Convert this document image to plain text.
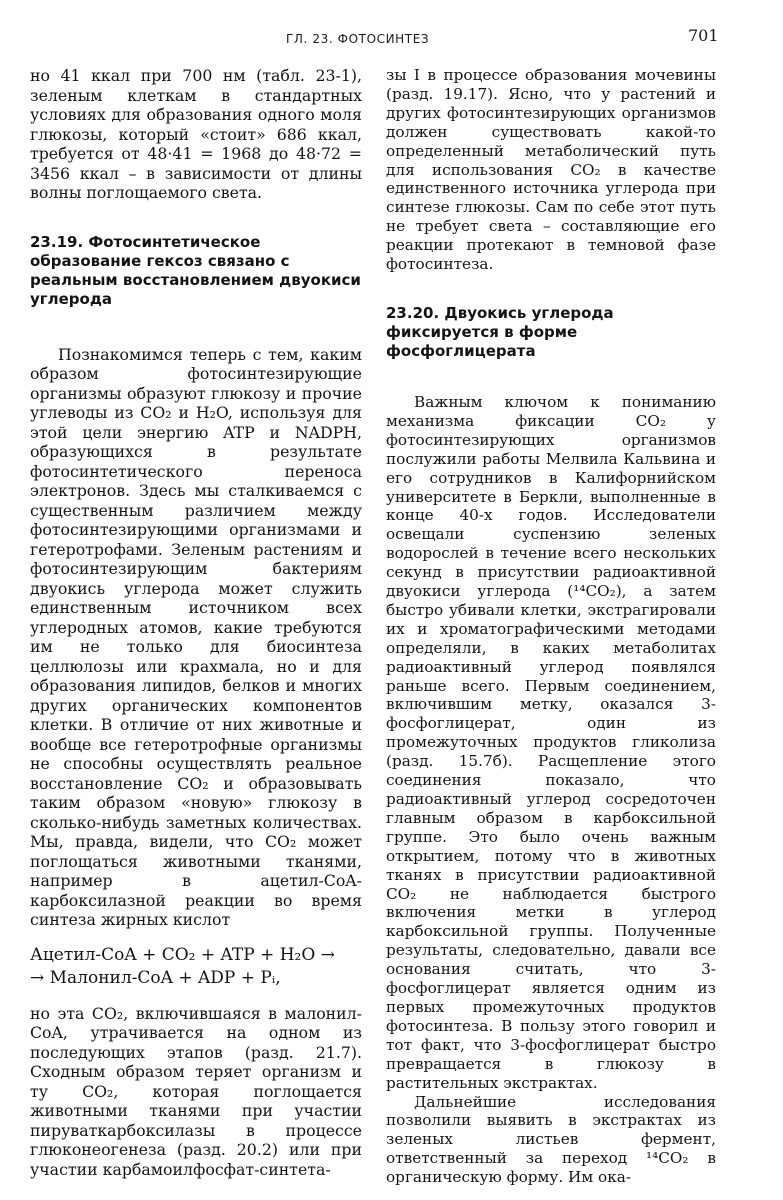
ГЛ. 23. ФОТОСИНТЕЗ	701

но 41 ккал при 700 нм (табл. 23-1), зеленым клеткам в стандартных условиях для образования одного моля глюкозы, который «стоит» 686 ккал, требуется от 48·41 = 1968 до 48·72 = 3456 ккал – в зависимости от длины волны поглощаемого света.

23.19. Фотосинтетическое образование гексоз связано с реальным восстановлением двуокиси углерода

Познакомимся теперь с тем, каким образом фотосинтезирующие организмы образуют глюкозу и прочие углеводы из CO₂ и H₂O, используя для этой цели энергию ATP и NADPH, образующихся в результате фотосинтетического переноса электронов. Здесь мы сталкиваемся с существенным различием между фотосинтезирующими организмами и гетеротрофами. Зеленым растениям и фотосинтезирующим бактериям двуокись углерода может служить единственным источником всех углеродных атомов, какие требуются им не только для биосинтеза целлюлозы или крахмала, но и для образования липидов, белков и многих других органических компонентов клетки. В отличие от них животные и вообще все гетеротрофные организмы не способны осуществлять реальное восстановление CO₂ и образовывать таким образом «новую» глюкозу в сколько-нибудь заметных количествах. Мы, правда, видели, что CO₂ может поглощаться животными тканями, например в ацетил-CoA-карбоксилазной реакции во время синтеза жирных кислот

Ацетил-CoA + CO₂ + ATP + H₂O →
→ Малонил-CoA + ADP + Pᵢ,

но эта CO₂, включившаяся в малонил-CoA, утрачивается на одном из последующих этапов (разд. 21.7). Сходным образом теряет организм и ту CO₂, которая поглощается животными тканями при участии пируваткарбоксилазы в процессе глюконеогенеза (разд. 20.2) или при участии карбамоилфосфат-синтета-

зы I в процессе образования мочевины (разд. 19.17). Ясно, что у растений и других фотосинтезирующих организмов должен существовать какой-то определенный метаболический путь для использования CO₂ в качестве единственного источника углерода при синтезе глюкозы. Сам по себе этот путь не требует света – составляющие его реакции протекают в темновой фазе фотосинтеза.

23.20. Двуокись углерода фиксируется в форме фосфоглицерата

Важным ключом к пониманию механизма фиксации CO₂ у фотосинтезирующих организмов послужили работы Мелвила Кальвина и его сотрудников в Калифорнийском университете в Беркли, выполненные в конце 40-х годов. Исследователи освещали суспензию зеленых водорослей в течение всего нескольких секунд в присутствии радиоактивной двуокиси углерода (¹⁴CO₂), а затем быстро убивали клетки, экстрагировали их и хроматографическими методами определяли, в каких метаболитах радиоактивный углерод появлялся раньше всего. Первым соединением, включившим метку, оказался 3-фосфоглицерат, один из промежуточных продуктов гликолиза (разд. 15.7б). Расщепление этого соединения показало, что радиоактивный углерод сосредоточен главным образом в карбоксильной группе. Это было очень важным открытием, потому что в животных тканях в присутствии радиоактивной CO₂ не наблюдается быстрого включения метки в углерод карбоксильной группы. Полученные результаты, следовательно, давали все основания считать, что 3-фосфоглицерат является одним из первых промежуточных продуктов фотосинтеза. В пользу этого говорил и тот факт, что 3-фосфоглицерат быстро превращается в глюкозу в растительных экстрактах.

Дальнейшие исследования позволили выявить в экстрактах из зеленых листьев фермент, ответственный за переход ¹⁴CO₂ в органическую форму. Им ока-
